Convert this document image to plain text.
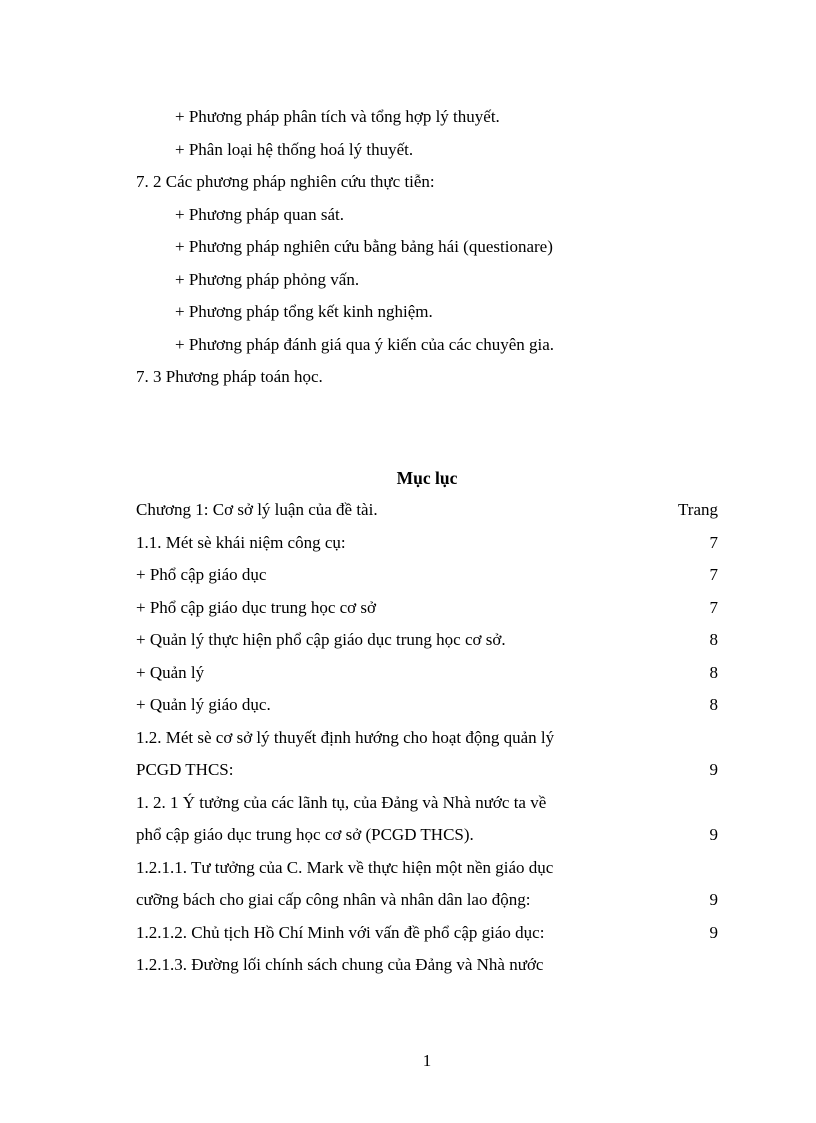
+ Phương pháp phân tích và tổng hợp lý thuyết.
+ Phân loại hệ thống hoá lý thuyết.
7. 2 Các phương pháp nghiên cứu thực tiễn:
+ Phương pháp quan sát.
+ Phương pháp nghiên cứu bằng bảng hái (questionare)
+ Phương pháp phỏng vấn.
+ Phương pháp tổng kết kinh nghiệm.
+ Phương pháp đánh giá qua ý kiến của các chuyên gia.
7. 3 Phương pháp toán học.
Mục lục
Chương 1: Cơ sở lý luận của đề tài.	Trang
1.1. Mét sè khái niệm công cụ:	7
+ Phổ cập giáo dục	7
+ Phổ cập giáo dục trung học cơ sở	7
+ Quản lý thực hiện phổ cập giáo dục trung học cơ sở.	8
+ Quản lý	8
+ Quản lý giáo dục.	8
1.2. Mét sè cơ sở lý thuyết định hướng cho hoạt động quản lý
PCGD THCS:	9
1. 2. 1 Ý tưởng của các lãnh tụ, của Đảng và Nhà nước ta về
phổ cập giáo dục trung học cơ sở (PCGD THCS).	9
1.2.1.1. Tư tưởng của C. Mark về thực hiện một nền giáo dục
cưỡng bách cho giai cấp công nhân và nhân dân lao động:	9
1.2.1.2. Chủ tịch Hồ Chí Minh với vấn đề phổ cập giáo dục:	9
1.2.1.3. Đường lối chính sách chung của Đảng và Nhà nước
1
